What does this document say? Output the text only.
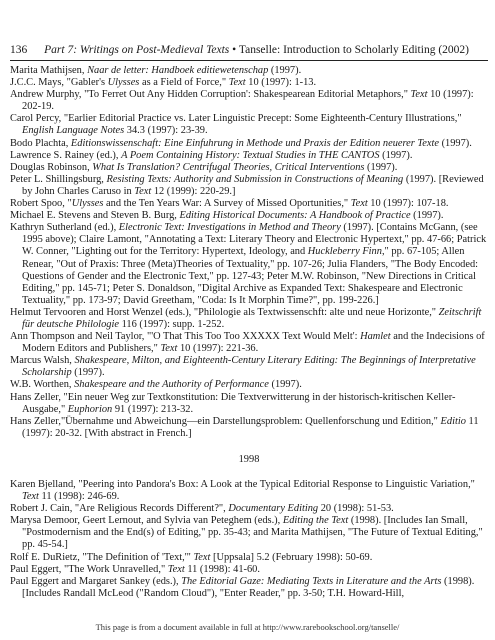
136 Part 7: Writings on Post-Medieval Texts • Tanselle: Introduction to Scholarly Editing (2002)

Marita Mathijsen, Naar de letter: Handboek editiewetenschap (1997).

J.C.C. Mays, "Gabler's Ulysses as a Field of Force," Text 10 (1997): 1-13.

Andrew Murphy, "To Ferret Out Any Hidden Corruption': Shakespearean Editorial Metaphors," Text 10 (1997): 202-19.

Carol Percy, "Earlier Editorial Practice vs. Later Linguistic Precept: Some Eighteenth-Century Illustrations," English Language Notes 34.3 (1997): 23-39.

Bodo Plachta, Editionswissenschaft: Eine Einfuhrung in Methode und Praxis der Edition neuerer Texte (1997).

Lawrence S. Rainey (ed.), A Poem Containing History: Textual Studies in THE CANTOS (1997).

Douglas Robinson, What Is Translation? Centrifugal Theories, Critical Interventions (1997).

Peter L. Shillingsburg, Resisting Texts: Authority and Submission in Constructions of Meaning (1997). [Reviewed by John Charles Caruso in Text 12 (1999): 220-29.]

Robert Spoo, "Ulysses and the Ten Years War: A Survey of Missed Oportunities," Text 10 (1997): 107-18.

Michael E. Stevens and Steven B. Burg, Editing Historical Documents: A Handbook of Practice (1997).

Kathryn Sutherland (ed.), Electronic Text: Investigations in Method and Theory (1997). [Contains McGann, (see 1995 above); Claire Lamont, "Annotating a Text: Literary Theory and Electronic Hypertext," pp. 47-66; Patrick W. Conner, "Lighting out for the Territory: Hypertext, Ideology, and Huckleberry Finn," pp. 67-105; Allen Renear, "Out of Praxis: Three (Meta)Theories of Textuality," pp. 107-26; Julia Flanders, "The Body Encoded: Questions of Gender and the Electronic Text," pp. 127-43; Peter M.W. Robinson, "New Directions in Critical Editing," pp. 145-71; Peter S. Donaldson, "Digital Archive as Expanded Text: Shakespeare and Electronic Textuality," pp. 173-97; David Greetham, "Coda: Is It Morphin Time?", pp. 199-226.]

Helmut Tervooren and Horst Wenzel (eds.), "Philologie als Textwissenschft: alte und neue Horizonte," Zeitschrift für deutsche Philologie 116 (1997): supp. 1-252.

Ann Thompson and Neil Taylor, "'O That This Too Too XXXXX Text Would Melt': Hamlet and the Indecisions of Modern Editors and Publishers," Text 10 (1997): 221-36.

Marcus Walsh, Shakespeare, Milton, and Eighteenth-Century Literary Editing: The Beginnings of Interpretative Scholarship (1997).

W.B. Worthen, Shakespeare and the Authority of Performance (1997).

Hans Zeller, "Ein neuer Weg zur Textkonstitution: Die Textverwitterung in der historisch-kritischen Keller-Ausgabe," Euphorion 91 (1997): 213-32.

Hans Zeller,"Übernahme und Abweichung—ein Darstellungsproblem: Quellenforschung und Edition," Editio 11 (1997): 20-32. [With abstract in French.]

1998

Karen Bjelland, "Peering into Pandora's Box: A Look at the Typical Editorial Response to Linguistic Variation," Text 11 (1998): 246-69.

Robert J. Cain, "Are Religious Records Different?", Documentary Editing 20 (1998): 51-53.

Marysa Demoor, Geert Lernout, and Sylvia van Peteghem (eds.), Editing the Text (1998). [Includes Ian Small, "Postmodernism and the End(s) of Editing," pp. 35-43; and Marita Mathijsen, "The Future of Textual Editing," pp. 45-54.]

Rolf E. DuRietz, "The Definition of 'Text,'" Text [Uppsala] 5.2 (February 1998): 50-69.

Paul Eggert, "The Work Unravelled," Text 11 (1998): 41-60.

Paul Eggert and Margaret Sankey (eds.), The Editorial Gaze: Mediating Texts in Literature and the Arts (1998). [Includes Randall McLeod ("Random Cloud"), "Enter Reader," pp. 3-50; T.H. Howard-Hill,

This page is from a document available in full at http://www.rarebookschool.org/tanselle/
